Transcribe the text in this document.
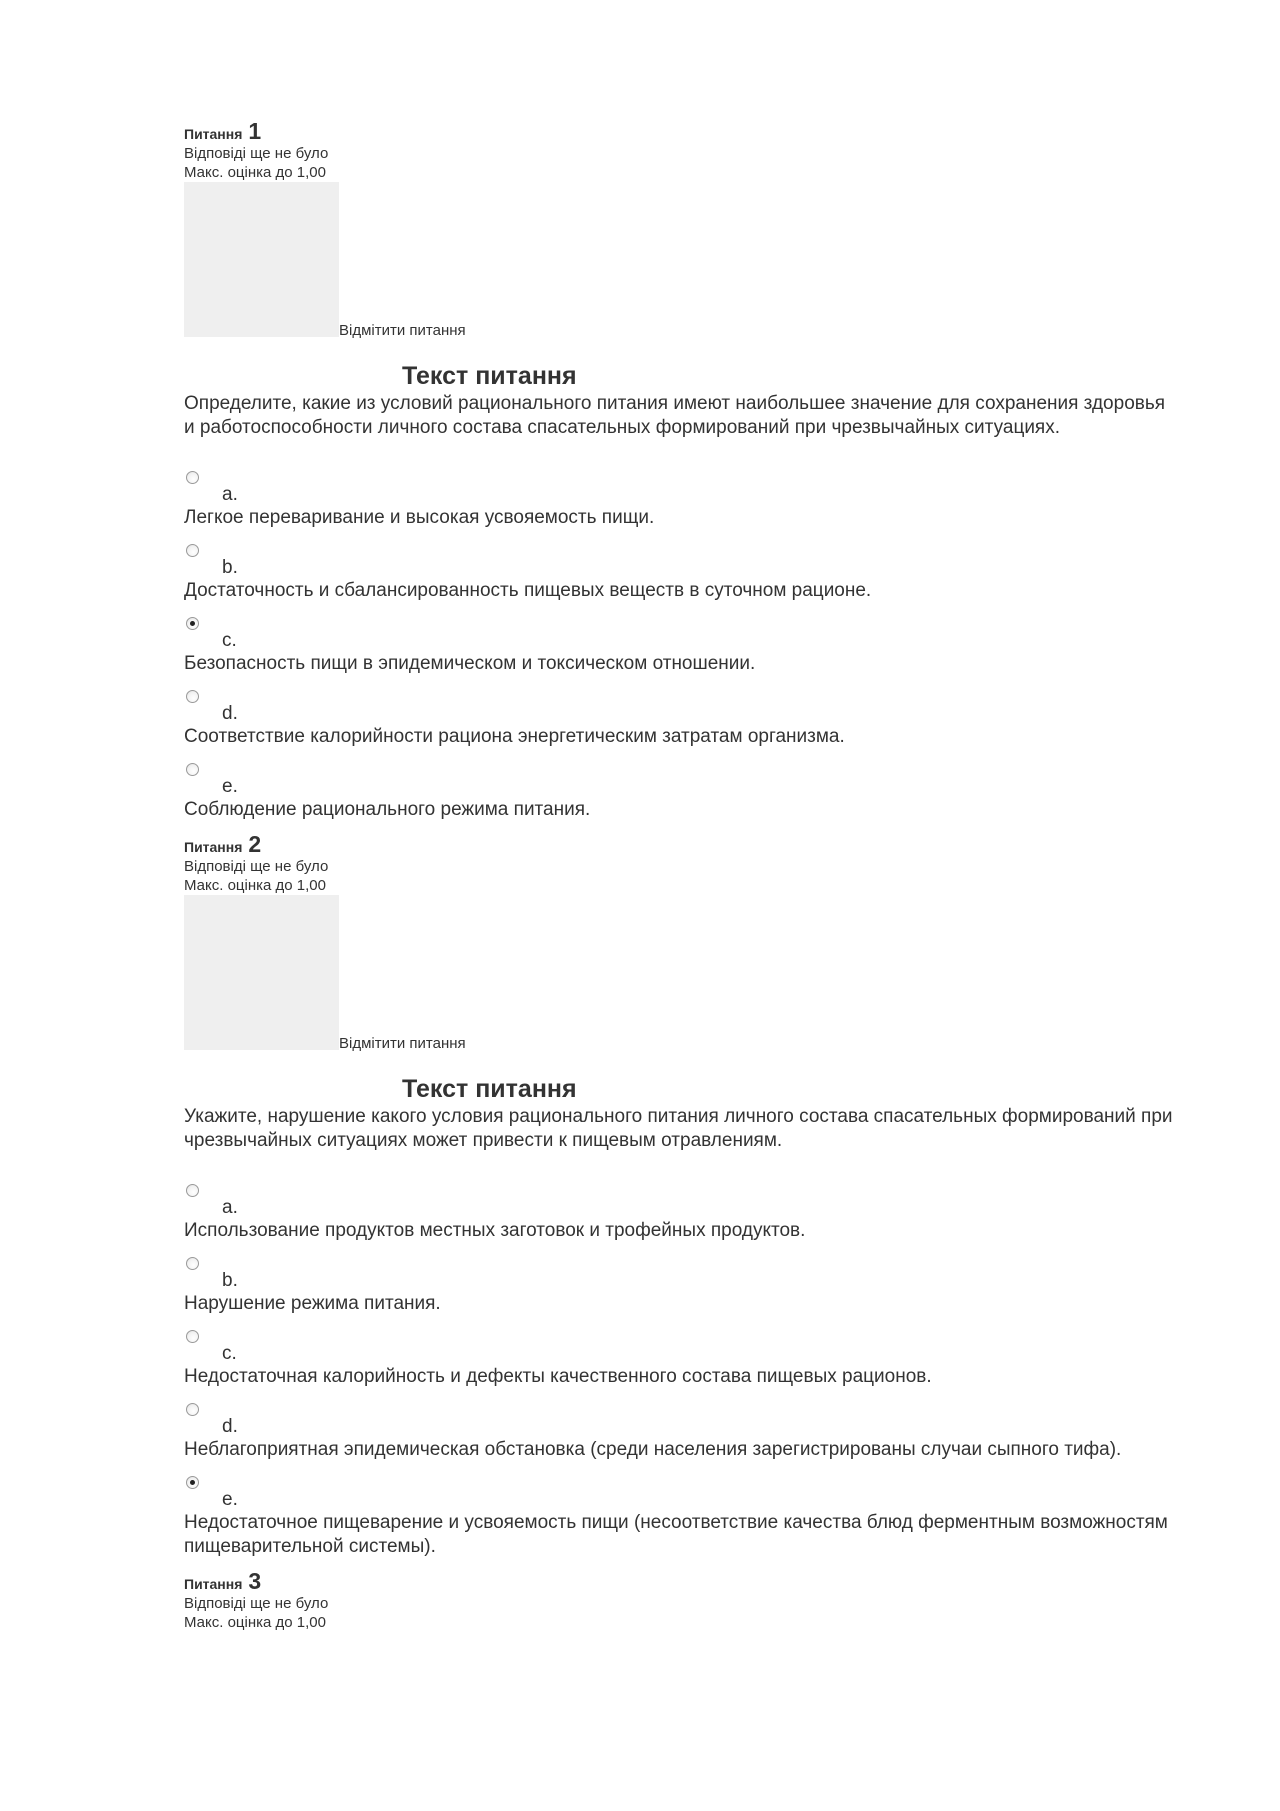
Питання 1
Відповіді ще не було
Макс. оцінка до 1,00
Відмітити питання
Текст питання
Определите, какие из условий рационального питания имеют наибольшее значение для сохранения здоровья и работоспособности личного состава спасательных формирований при чрезвычайных ситуациях.
a.
Легкое переваривание и высокая усвояемость пищи.
b.
Достаточность и сбалансированность пищевых веществ в суточном рационе.
c.
Безопасность пищи в эпидемическом и токсическом отношении.
d.
Соответствие калорийности рациона энергетическим затратам организма.
e.
Соблюдение рационального режима питания.
Питання 2
Відповіді ще не було
Макс. оцінка до 1,00
Відмітити питання
Текст питання
Укажите, нарушение какого условия рационального питания личного состава спасательных формирований при чрезвычайных ситуациях может привести к пищевым отравлениям.
a.
Использование продуктов местных заготовок и трофейных продуктов.
b.
Нарушение режима питания.
c.
Недостаточная калорийность и дефекты качественного состава пищевых рационов.
d.
Неблагоприятная эпидемическая обстановка (среди населения зарегистрированы случаи сыпного тифа).
e.
Недостаточное пищеварение и усвояемость пищи (несоответствие качества блюд ферментным возможностям пищеварительной системы).
Питання 3
Відповіді ще не було
Макс. оцінка до 1,00
